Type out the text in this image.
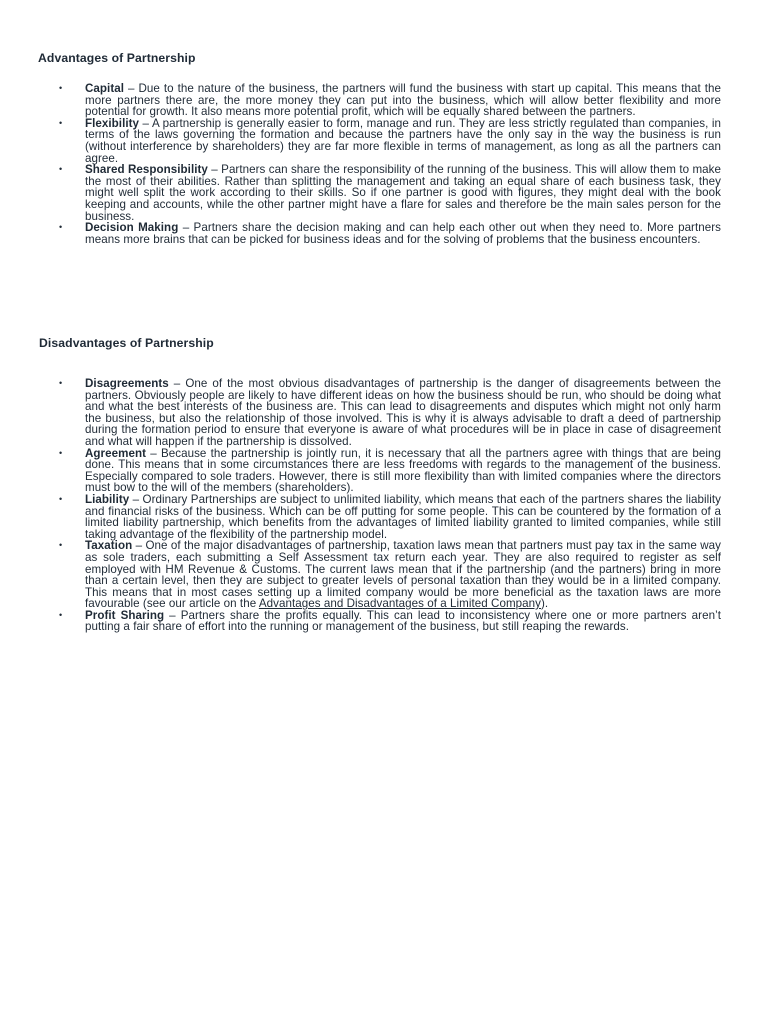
Advantages of Partnership
• Capital – Due to the nature of the business, the partners will fund the business with start up capital. This means that the more partners there are, the more money they can put into the business, which will allow better flexibility and more potential for growth. It also means more potential profit, which will be equally shared between the partners.
• Flexibility – A partnership is generally easier to form, manage and run. They are less strictly regulated than companies, in terms of the laws governing the formation and because the partners have the only say in the way the business is run (without interference by shareholders) they are far more flexible in terms of management, as long as all the partners can agree.
• Shared Responsibility – Partners can share the responsibility of the running of the business. This will allow them to make the most of their abilities. Rather than splitting the management and taking an equal share of each business task, they might well split the work according to their skills. So if one partner is good with figures, they might deal with the book keeping and accounts, while the other partner might have a flare for sales and therefore be the main sales person for the business.
• Decision Making – Partners share the decision making and can help each other out when they need to. More partners means more brains that can be picked for business ideas and for the solving of problems that the business encounters.
Disadvantages of Partnership
• Disagreements – One of the most obvious disadvantages of partnership is the danger of disagreements between the partners. Obviously people are likely to have different ideas on how the business should be run, who should be doing what and what the best interests of the business are. This can lead to disagreements and disputes which might not only harm the business, but also the relationship of those involved. This is why it is always advisable to draft a deed of partnership during the formation period to ensure that everyone is aware of what procedures will be in place in case of disagreement and what will happen if the partnership is dissolved.
• Agreement – Because the partnership is jointly run, it is necessary that all the partners agree with things that are being done. This means that in some circumstances there are less freedoms with regards to the management of the business. Especially compared to sole traders. However, there is still more flexibility than with limited companies where the directors must bow to the will of the members (shareholders).
• Liability – Ordinary Partnerships are subject to unlimited liability, which means that each of the partners shares the liability and financial risks of the business. Which can be off putting for some people. This can be countered by the formation of a limited liability partnership, which benefits from the advantages of limited liability granted to limited companies, while still taking advantage of the flexibility of the partnership model.
• Taxation – One of the major disadvantages of partnership, taxation laws mean that partners must pay tax in the same way as sole traders, each submitting a Self Assessment tax return each year. They are also required to register as self employed with HM Revenue & Customs. The current laws mean that if the partnership (and the partners) bring in more than a certain level, then they are subject to greater levels of personal taxation than they would be in a limited company. This means that in most cases setting up a limited company would be more beneficial as the taxation laws are more favourable (see our article on the Advantages and Disadvantages of a Limited Company).
• Profit Sharing – Partners share the profits equally. This can lead to inconsistency where one or more partners aren’t putting a fair share of effort into the running or management of the business, but still reaping the rewards.
